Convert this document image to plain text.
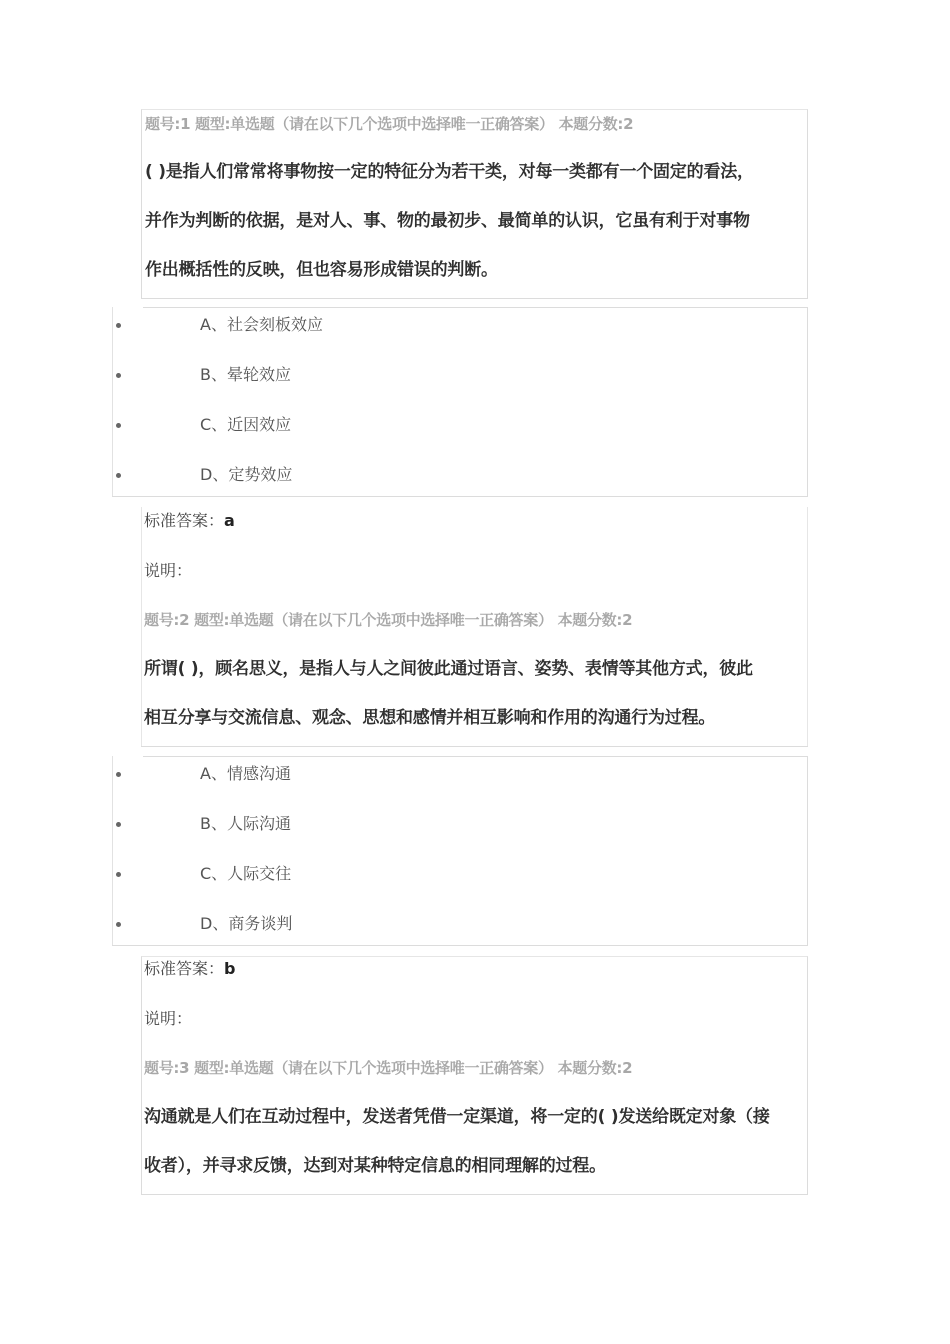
题号:1 题型:单选题（请在以下几个选项中选择唯一正确答案） 本题分数:2
( )是指人们常常将事物按一定的特征分为若干类，对每一类都有一个固定的看法，
并作为判断的依据，是对人、事、物的最初步、最简单的认识，它虽有利于对事物
作出概括性的反映，但也容易形成错误的判断。
A、社会刻板效应
B、晕轮效应
C、近因效应
D、定势效应
标准答案：a
说明：
题号:2 题型:单选题（请在以下几个选项中选择唯一正确答案） 本题分数:2
所谓( )，顾名思义，是指人与人之间彼此通过语言、姿势、表情等其他方式，彼此
相互分享与交流信息、观念、思想和感情并相互影响和作用的沟通行为过程。
A、情感沟通
B、人际沟通
C、人际交往
D、商务谈判
标准答案：b
说明：
题号:3 题型:单选题（请在以下几个选项中选择唯一正确答案） 本题分数:2
沟通就是人们在互动过程中，发送者凭借一定渠道，将一定的( )发送给既定对象（接
收者），并寻求反馈，达到对某种特定信息的相同理解的过程。
